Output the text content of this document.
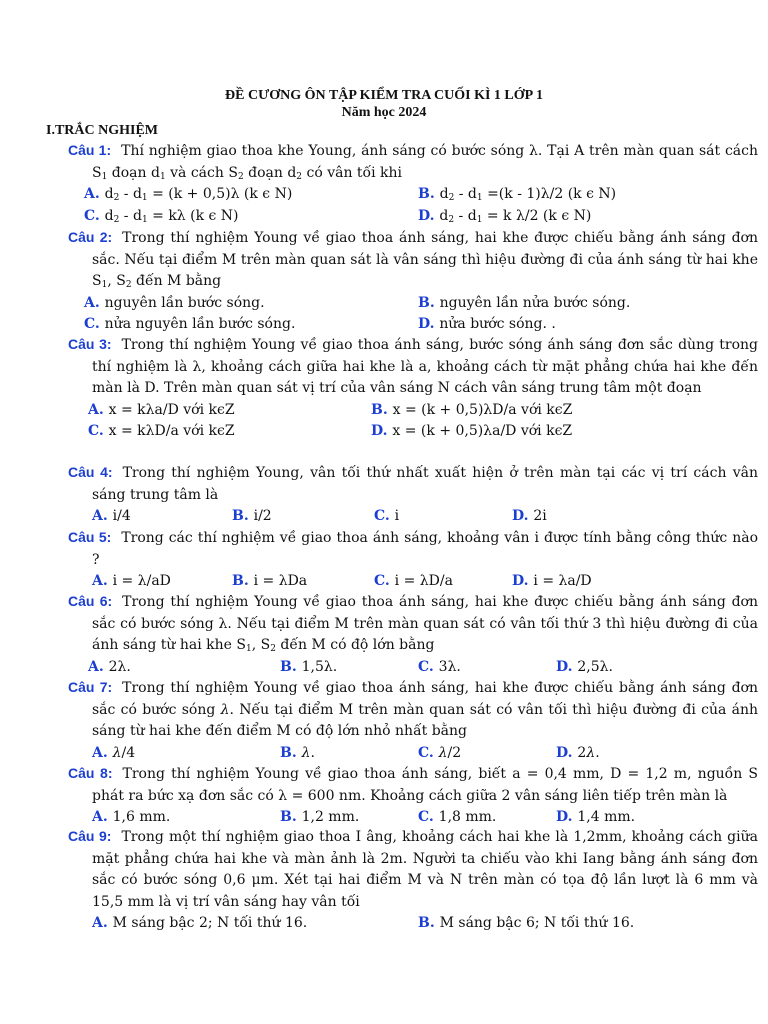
ĐỀ CƯƠNG ÔN TẬP KIỂM TRA CUỐI KÌ 1 LỚP 1
Năm học 2024
I.TRẮC NGHIỆM
Câu 1: Thí nghiệm giao thoa khe Young, ánh sáng có bước sóng λ. Tại A trên màn quan sát cách $S_1$ đoạn $d_1$ và cách $S_2$ đoạn $d_2$ có vân tối khi
A. $d_2 - d_1 = (k + 0,5)\lambda$ (k ϵ N)	B. $d_2 - d_1 =(k - 1)\lambda/2$ (k ϵ N)
C. $d_2 - d_1 = k\lambda$ (k ϵ N)	D. $d_2 - d_1 = k$ λ/2 (k ϵ N)
Câu 2: Trong thí nghiệm Young về giao thoa ánh sáng, hai khe được chiếu bằng ánh sáng đơn sắc. Nếu tại điểm M trên màn quan sát là vân sáng thì hiệu đường đi của ánh sáng từ hai khe $S_1$, $S_2$ đến M bằng
A. nguyên lần bước sóng.	B. nguyên lần nửa bước sóng.
C. nửa nguyên lần bước sóng.	D. nửa bước sóng. .
Câu 3: Trong thí nghiệm Young về giao thoa ánh sáng, bước sóng ánh sáng đơn sắc dùng trong thí nghiệm là λ, khoảng cách giữa hai khe là a, khoảng cách từ mặt phẳng chứa hai khe đến màn là D. Trên màn quan sát vị trí của vân sáng N cách vân sáng trung tâm một đoạn
A. x = kλa/D với kϵZ	B. x = (k + 0,5)λD/a với kϵZ
C. x = kλD/a với kϵZ	D. x = (k + 0,5)λa/D với kϵZ
Câu 4: Trong thí nghiệm Young, vân tối thứ nhất xuất hiện ở trên màn tại các vị trí cách vân sáng trung tâm là
A. i/4	B. i/2	C. i	D. 2i
Câu 5: Trong các thí nghiệm về giao thoa ánh sáng, khoảng vân i được tính bằng công thức nào ?
A. i = λ/aD	B. i = λDa	C. i = λD/a	D. i = λa/D
Câu 6: Trong thí nghiệm Young về giao thoa ánh sáng, hai khe được chiếu bằng ánh sáng đơn sắc có bước sóng λ. Nếu tại điểm M trên màn quan sát có vân tối thứ 3 thì hiệu đường đi của ánh sáng từ hai khe $S_1$, $S_2$ đến M có độ lớn bằng
A. 2λ.	B. 1,5λ.	C. 3λ.	D. 2,5λ.
Câu 7: Trong thí nghiệm Young về giao thoa ánh sáng, hai khe được chiếu bằng ánh sáng đơn sắc có bước sóng λ. Nếu tại điểm M trên màn quan sát có vân tối thì hiệu đường đi của ánh sáng từ hai khe đến điểm M có độ lớn nhỏ nhất bằng
A. λ/4	B. λ.	C. λ/2	D. 2λ.
Câu 8: Trong thí nghiệm Young về giao thoa ánh sáng, biết a = 0,4 mm, D = 1,2 m, nguồn S phát ra bức xạ đơn sắc có λ = 600 nm. Khoảng cách giữa 2 vân sáng liên tiếp trên màn là
A. 1,6 mm.	B. 1,2 mm.	C. 1,8 mm.	D. 1,4 mm.
Câu 9: Trong một thí nghiệm giao thoa I âng, khoảng cách hai khe là 1,2mm, khoảng cách giữa mặt phẳng chứa hai khe và màn ảnh là 2m. Người ta chiếu vào khi Iang bằng ánh sáng đơn sắc có bước sóng 0,6 μm. Xét tại hai điểm M và N trên màn có tọa độ lần lượt là 6 mm và 15,5 mm là vị trí vân sáng hay vân tối
A. M sáng bậc 2; N tối thứ 16.	B. M sáng bậc 6; N tối thứ 16.
